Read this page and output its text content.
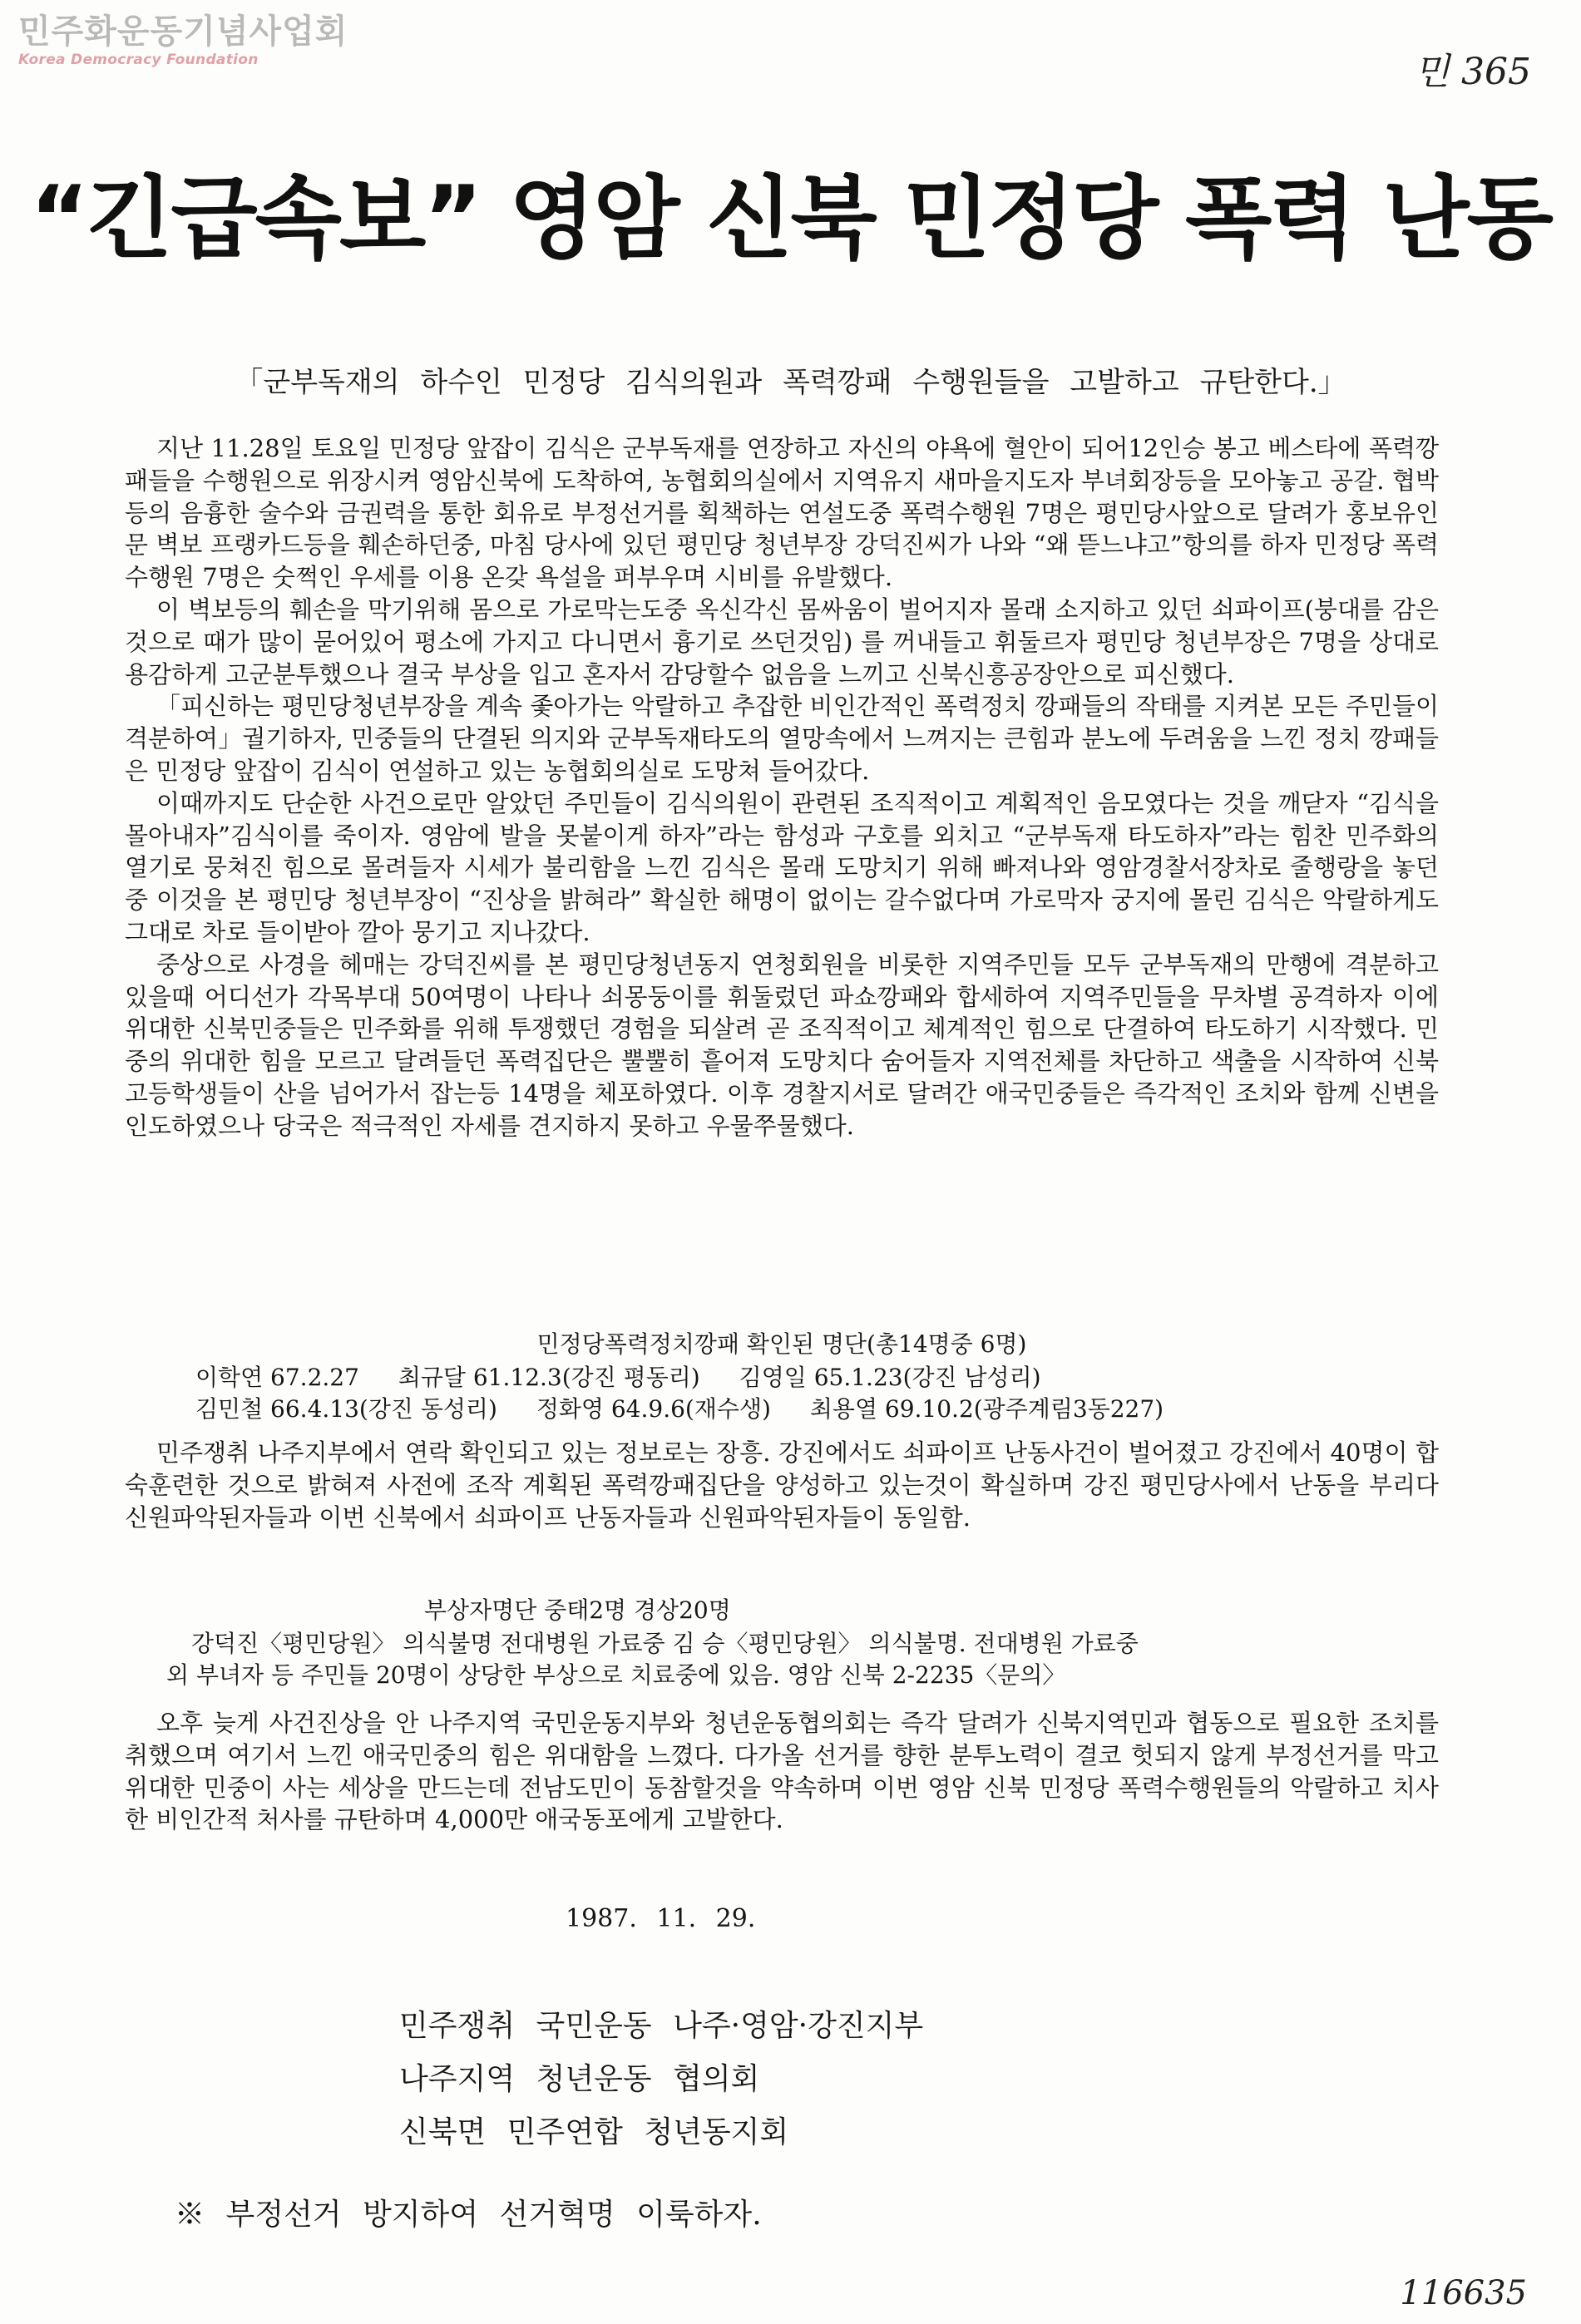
민주화운동기념사업회
Korea Democracy Foundation	민 365
“긴급속보” 영암 신북 민정당 폭력 난동
「군부독재의 하수인 민정당 김식의원과 폭력깡패 수행원들을 고발하고 규탄한다.」

지난 11.28일 토요일 민정당 앞잡이 김식은 군부독재를 연장하고 자신의 야욕에 혈안이 되어12인승 봉고 베스타에 폭력깡패들을 수행원으로 위장시켜 영암신북에 도착하여, 농협회의실에서 지역유지 새마을지도자 부녀회장등을 모아놓고 공갈. 협박등의 음흉한 술수와 금권력을 통한 회유로 부정선거를 획책하는 연설도중 폭력수행원 7명은 평민당사앞으로 달려가 홍보유인문 벽보 프랭카드등을 훼손하던중, 마침 당사에 있던 평민당 청년부장 강덕진씨가 나와 “왜 뜯느냐고”항의를 하자 민정당 폭력 수행원 7명은 숫쩍인 우세를 이용 온갖 욕설을 퍼부우며 시비를 유발했다.

이 벽보등의 훼손을 막기위해 몸으로 가로막는도중 옥신각신 몸싸움이 벌어지자 몰래 소지하고 있던 쇠파이프(붕대를 감은것으로 때가 많이 묻어있어 평소에 가지고 다니면서 흉기로 쓰던것임) 를 꺼내들고 휘둘르자 평민당 청년부장은 7명을 상대로 용감하게 고군분투했으나 결국 부상을 입고 혼자서 감당할수 없음을 느끼고 신북신흥공장안으로 피신했다.

「피신하는 평민당청년부장을 계속 좇아가는 악랄하고 추잡한 비인간적인 폭력정치 깡패들의 작태를 지켜본 모든 주민들이 격분하여」궐기하자, 민중들의 단결된 의지와 군부독재타도의 열망속에서 느껴지는 큰힘과 분노에 두려움을 느낀 정치 깡패들은 민정당 앞잡이 김식이 연설하고 있는 농협회의실로 도망쳐 들어갔다.

이때까지도 단순한 사건으로만 알았던 주민들이 김식의원이 관련된 조직적이고 계획적인 음모였다는 것을 깨닫자 “김식을 몰아내자”김식이를 죽이자. 영암에 발을 못붙이게 하자”라는 함성과 구호를 외치고 “군부독재 타도하자”라는 힘찬 민주화의 열기로 뭉쳐진 힘으로 몰려들자 시세가 불리함을 느낀 김식은 몰래 도망치기 위해 빠져나와 영암경찰서장차로 줄행랑을 놓던중 이것을 본 평민당 청년부장이 “진상을 밝혀라” 확실한 해명이 없이는 갈수없다며 가로막자 궁지에 몰린 김식은 악랄하게도 그대로 차로 들이받아 깔아 뭉기고 지나갔다.

중상으로 사경을 헤매는 강덕진씨를 본 평민당청년동지 연청회원을 비롯한 지역주민들 모두 군부독재의 만행에 격분하고 있을때 어디선가 각목부대 50여명이 나타나 쇠몽둥이를 휘둘렀던 파쇼깡패와 합세하여 지역주민들을 무차별 공격하자 이에 위대한 신북민중들은 민주화를 위해 투쟁했던 경험을 되살려 곧 조직적이고 체계적인 힘으로 단결하여 타도하기 시작했다. 민중의 위대한 힘을 모르고 달려들던 폭력집단은 뿔뿔히 흩어져 도망치다 숨어들자 지역전체를 차단하고 색출을 시작하여 신북고등학생들이 산을 넘어가서 잡는등 14명을 체포하였다. 이후 경찰지서로 달려간 애국민중들은 즉각적인 조치와 함께 신변을 인도하였으나 당국은 적극적인 자세를 견지하지 못하고 우물쭈물했다.

민정당폭력정치깡패 확인된 명단(총14명중 6명)
이학연 67.2.27 최규달 61.12.3(강진 평동리) 김영일 65.1.23(강진 남성리)
김민철 66.4.13(강진 동성리) 정화영 64.9.6(재수생) 최용열 69.10.2(광주계림3동227)

민주쟁취 나주지부에서 연락 확인되고 있는 정보로는 장흥. 강진에서도 쇠파이프 난동사건이 벌어졌고 강진에서 40명이 합숙훈련한 것으로 밝혀져 사전에 조작 계획된 폭력깡패집단을 양성하고 있는것이 확실하며 강진 평민당사에서 난동을 부리다 신원파악된자들과 이번 신북에서 쇠파이프 난동자들과 신원파악된자들이 동일함.

부상자명단 중태2명 경상20명
강덕진〈평민당원〉 의식불명 전대병원 가료중 김 승〈평민당원〉 의식불명. 전대병원 가료중
외 부녀자 등 주민들 20명이 상당한 부상으로 치료중에 있음. 영암 신북 2-2235〈문의〉

오후 늦게 사건진상을 안 나주지역 국민운동지부와 청년운동협의회는 즉각 달려가 신북지역민과 협동으로 필요한 조치를 취했으며 여기서 느낀 애국민중의 힘은 위대함을 느꼈다. 다가올 선거를 향한 분투노력이 결코 헛되지 않게 부정선거를 막고 위대한 민중이 사는 세상을 만드는데 전남도민이 동참할것을 약속하며 이번 영암 신북 민정당 폭력수행원들의 악랄하고 치사한 비인간적 처사를 규탄하며 4,000만 애국동포에게 고발한다.

1987. 11. 29.
민주쟁취 국민운동 나주·영암·강진지부
나주지역 청년운동 협의회
신북면 민주연합 청년동지회
※ 부정선거 방지하여 선거혁명 이룩하자.
116635
